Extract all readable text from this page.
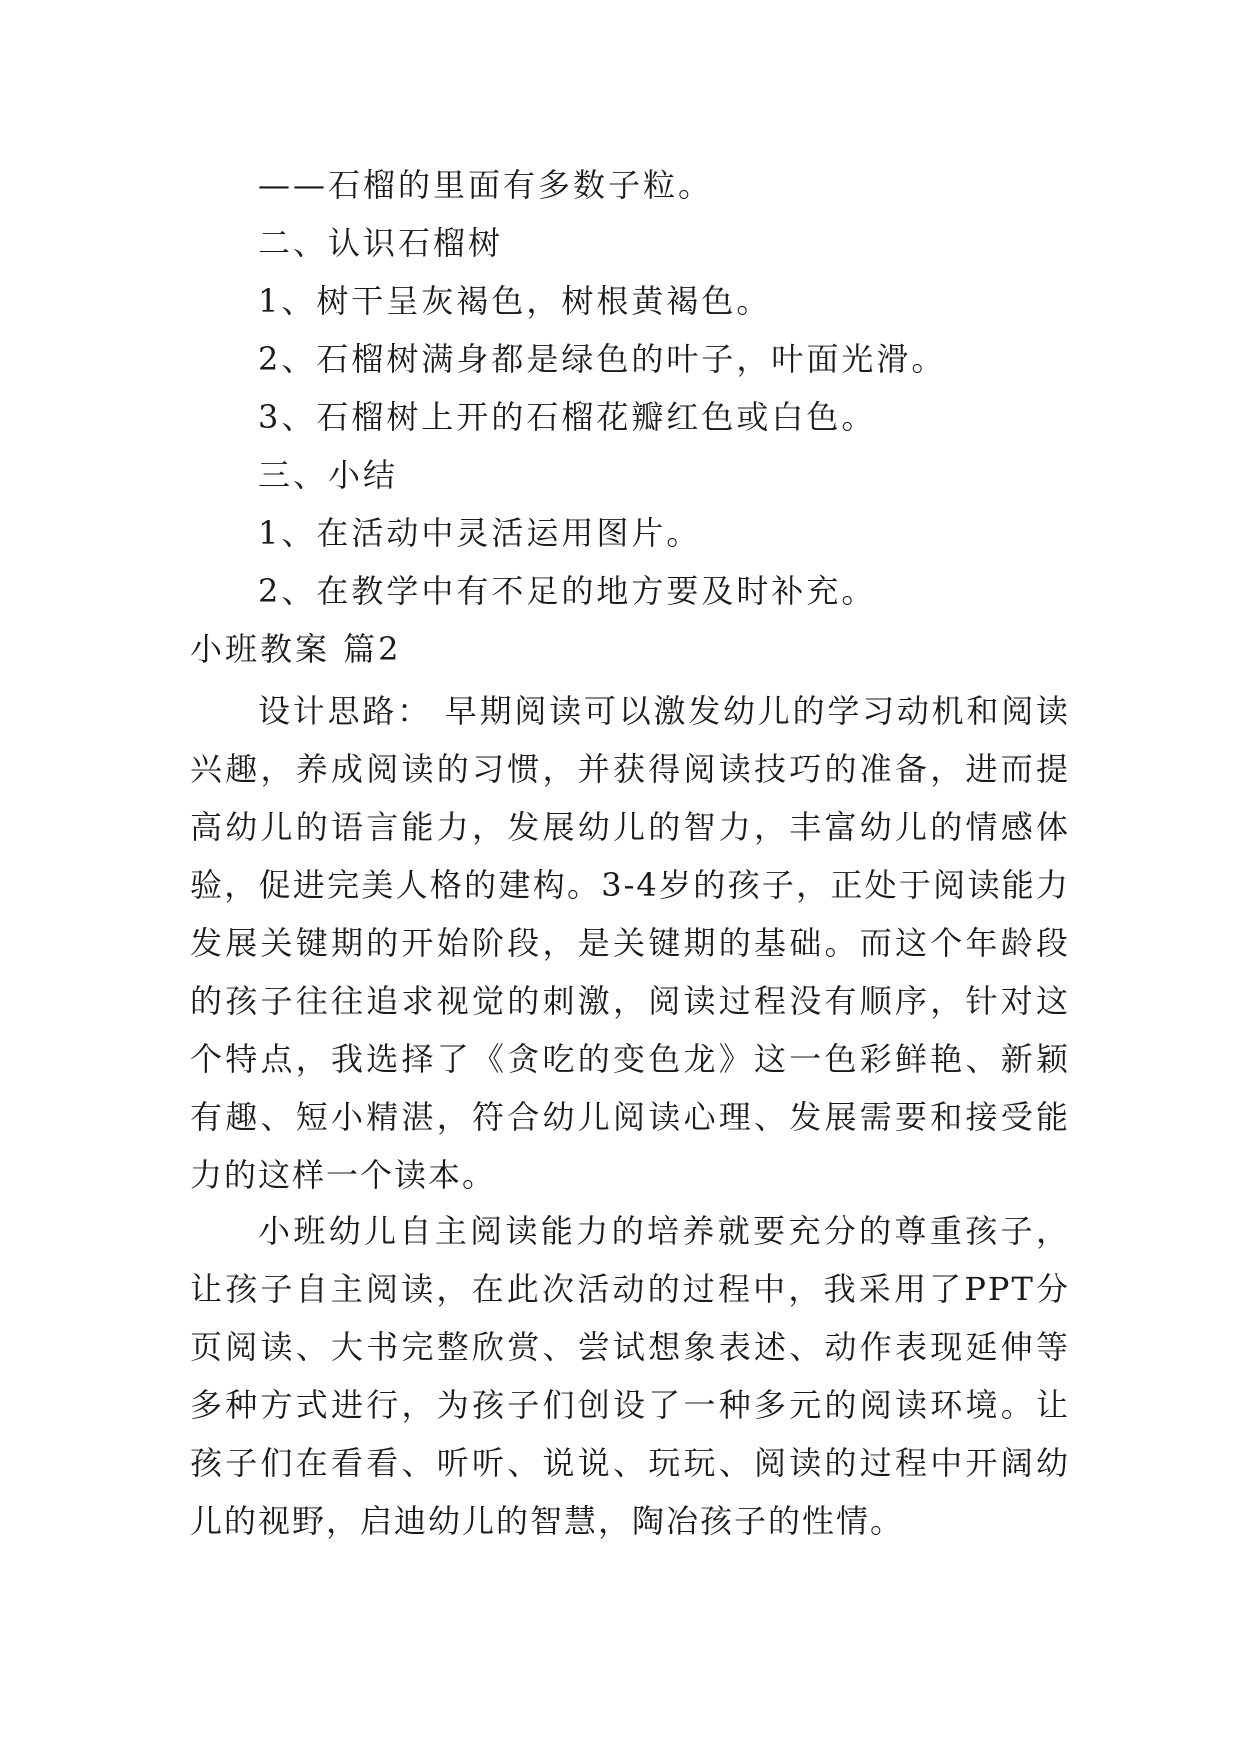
——石榴的里面有多数子粒。
二、认识石榴树
1、树干呈灰褐色，树根黄褐色。
2、石榴树满身都是绿色的叶子，叶面光滑。
3、石榴树上开的石榴花瓣红色或白色。
三、小结
1、在活动中灵活运用图片。
2、在教学中有不足的地方要及时补充。
小班教案 篇2
设计思路： 早期阅读可以激发幼儿的学习动机和阅读兴趣，养成阅读的习惯，并获得阅读技巧的准备，进而提高幼儿的语言能力，发展幼儿的智力，丰富幼儿的情感体验，促进完美人格的建构。3-4岁的孩子，正处于阅读能力发展关键期的开始阶段，是关键期的基础。而这个年龄段的孩子往往追求视觉的刺激，阅读过程没有顺序，针对这个特点，我选择了《贪吃的变色龙》这一色彩鲜艳、新颖有趣、短小精湛，符合幼儿阅读心理、发展需要和接受能力的这样一个读本。
小班幼儿自主阅读能力的培养就要充分的尊重孩子，让孩子自主阅读，在此次活动的过程中，我采用了PPT分页阅读、大书完整欣赏、尝试想象表述、动作表现延伸等多种方式进行，为孩子们创设了一种多元的阅读环境。让孩子们在看看、听听、说说、玩玩、阅读的过程中开阔幼儿的视野，启迪幼儿的智慧，陶冶孩子的性情。
